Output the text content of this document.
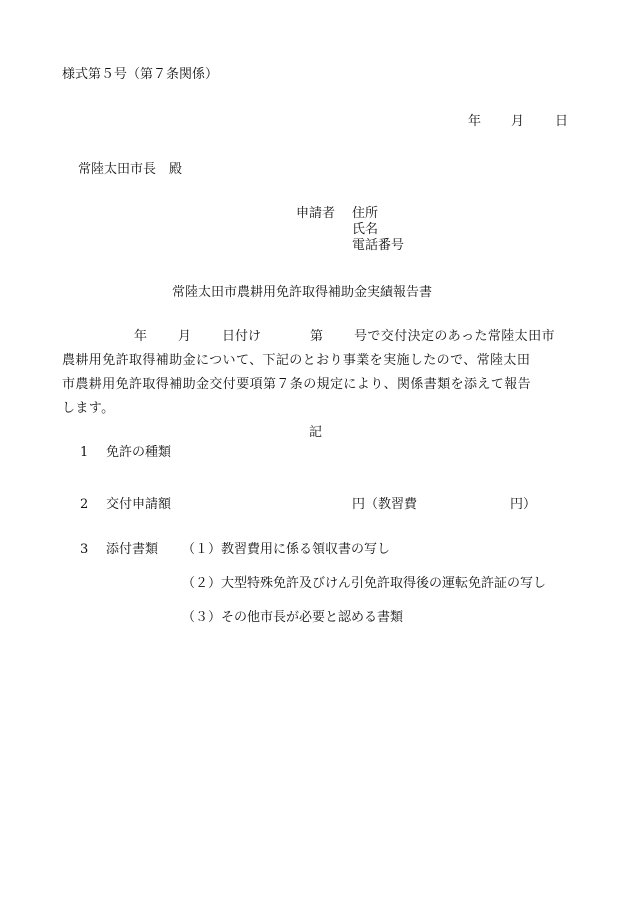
様式第５号（第７条関係）
年 月 日
常陸太田市長　殿
申請者 住所
氏名
電話番号
常陸太田市農耕用免許取得補助金実績報告書
年 月 日付け	第 号で交付決定のあった常陸太田市
農耕用免許取得補助金について、下記のとおり事業を実施したので、常陸太田
市農耕用免許取得補助金交付要項第７条の規定により、関係書類を添えて報告
します。
記
1 免許の種類
2 交付申請額	円（教習費	円）
3 添付書類 （１）教習費用に係る領収書の写し
（２）大型特殊免許及びけん引免許取得後の運転免許証の写し
（３）その他市長が必要と認める書類
